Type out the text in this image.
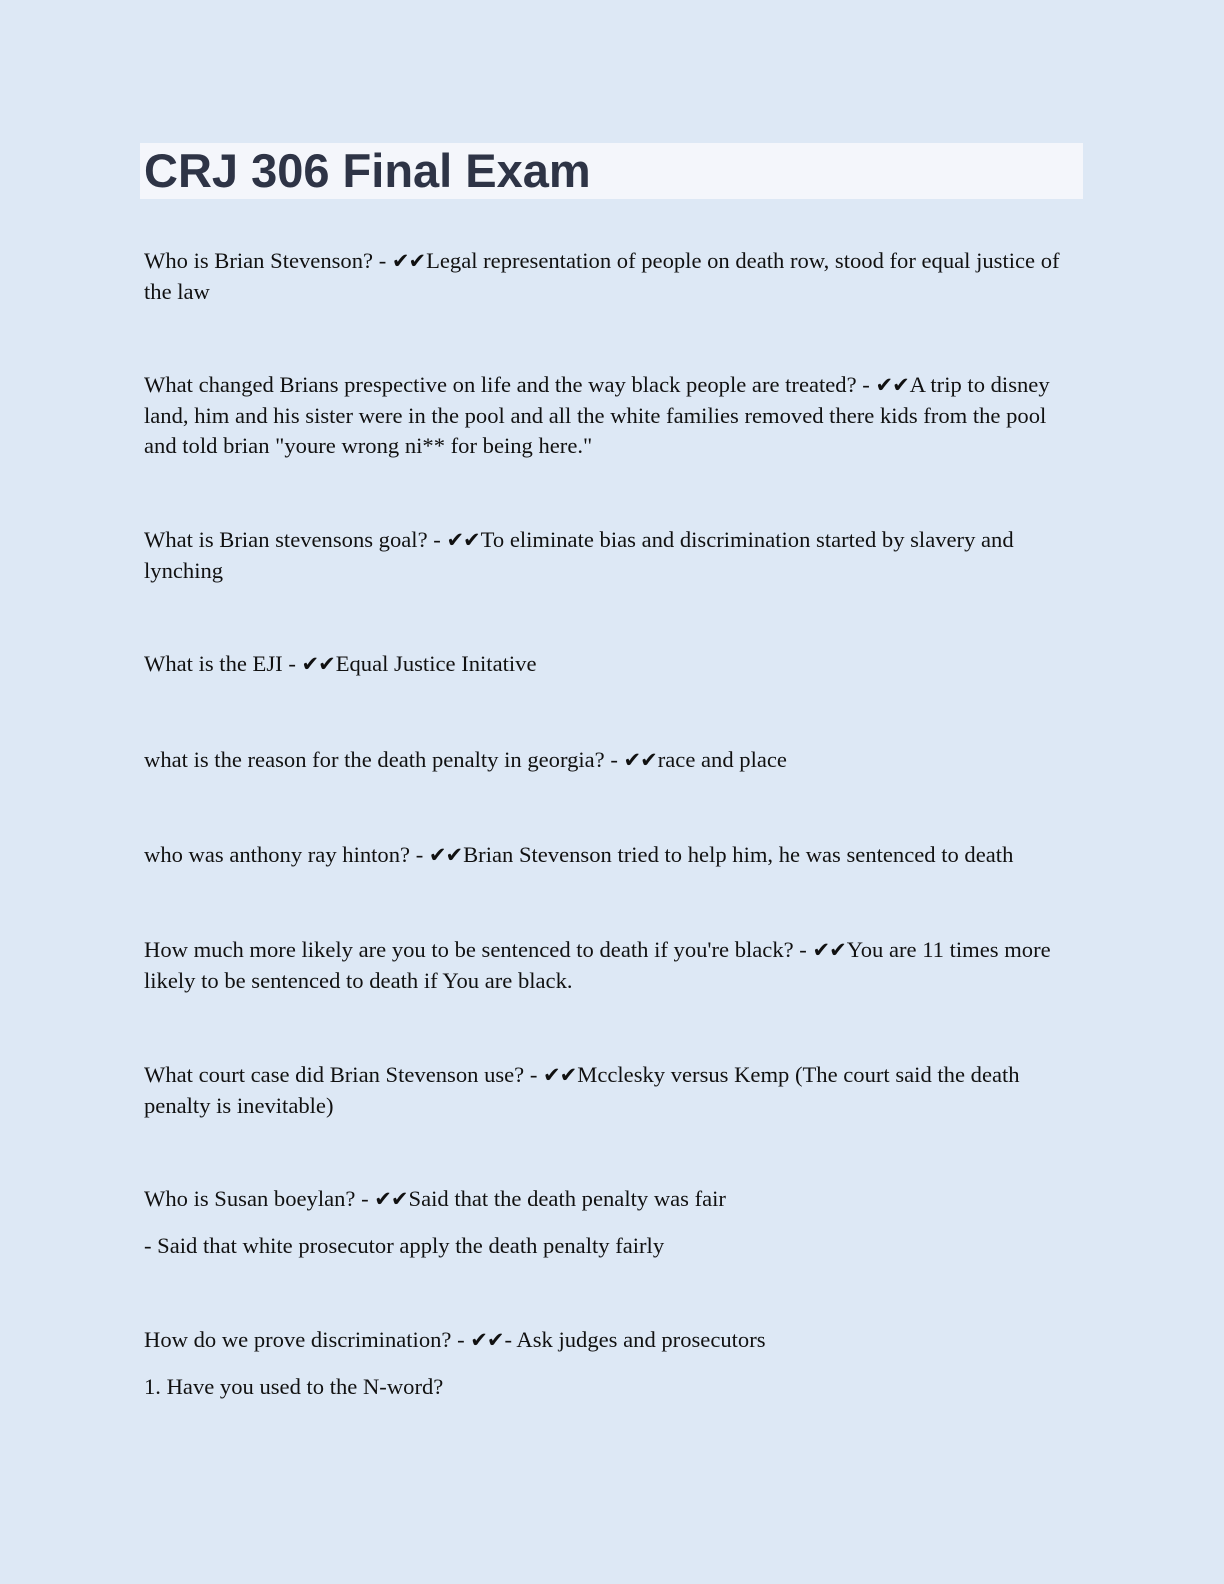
CRJ 306 Final Exam

Who is Brian Stevenson? - ✔✔Legal representation of people on death row, stood for equal justice of the law

What changed Brians prespective on life and the way black people are treated? - ✔✔A trip to disney land, him and his sister were in the pool and all the white families removed there kids from the pool and told brian "youre wrong ni** for being here."

What is Brian stevensons goal? - ✔✔To eliminate bias and discrimination started by slavery and lynching

What is the EJI - ✔✔Equal Justice Initative

what is the reason for the death penalty in georgia? - ✔✔race and place

who was anthony ray hinton? - ✔✔Brian Stevenson tried to help him, he was sentenced to death

How much more likely are you to be sentenced to death if you're black? - ✔✔You are 11 times more likely to be sentenced to death if You are black.

What court case did Brian Stevenson use? - ✔✔Mcclesky versus Kemp (The court said the death penalty is inevitable)

Who is Susan boeylan? - ✔✔Said that the death penalty was fair

- Said that white prosecutor apply the death penalty fairly

How do we prove discrimination? - ✔✔- Ask judges and prosecutors

1. Have you used to the N-word?
